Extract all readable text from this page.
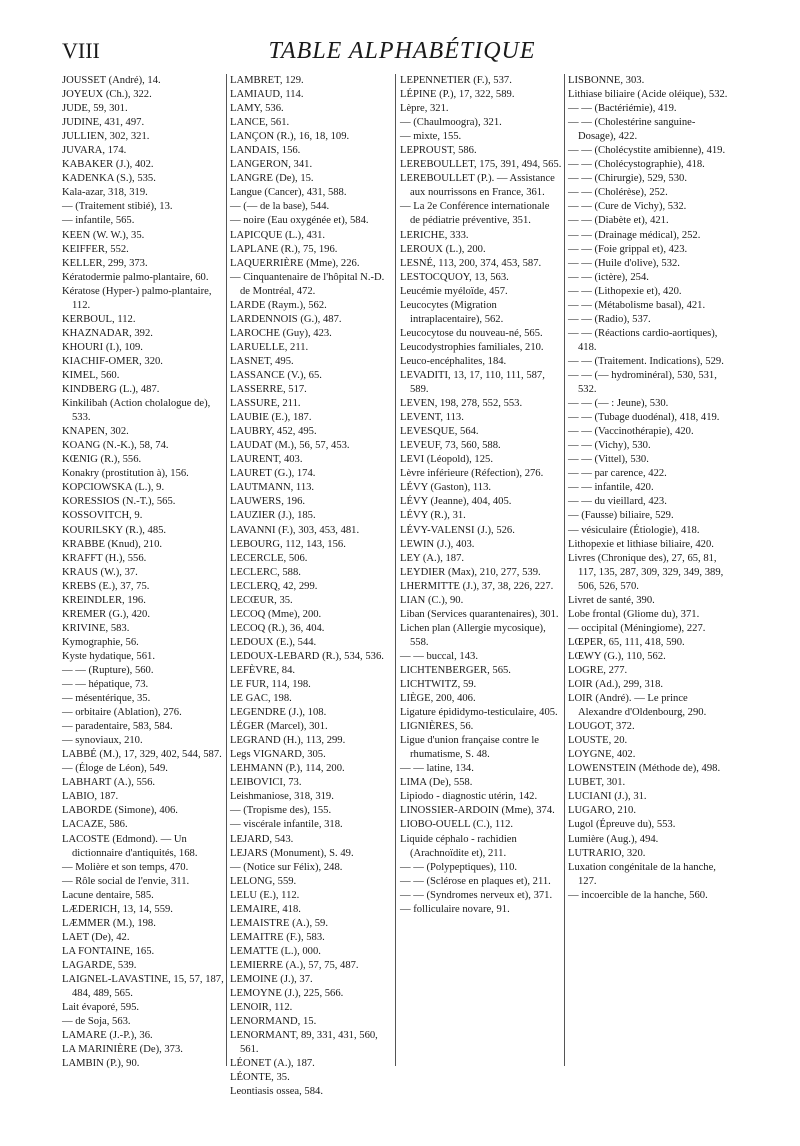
TABLE ALPHABÉTIQUE
VIII
JOUSSET (André), 14.
JOYEUX (Ch.), 322.
JUDE, 59, 301.
JUDINE, 431, 497.
JULLIEN, 302, 321.
JUVARA, 174.
KABAKER (J.), 402.
KADENKA (S.), 535.
Kala-azar, 318, 319.
— (Traitement stibié), 13.
— infantile, 565.
KEEN (W. W.), 35.
KEIFFER, 552.
KELLER, 299, 373.
Kératodermie palmo-plantaire, 60.
Kératose (Hyper-) palmo-plantaire, 112.
KERBOUL, 112.
KHAZNADAR, 392.
KHOURI (I.), 109.
KIACHIF-OMER, 320.
KIMEL, 560.
KINDBERG (L.), 487.
Kinkilibah (Action cholalogue de), 533.
KNAPEN, 302.
KOANG (N.-K.), 58, 74.
KŒNIG (R.), 556.
Konakry (prostitution à), 156.
KOPCIOWSKA (L.), 9.
KORESSIOS (N.-T.), 565.
KOSSOVITCH, 9.
KOURILSKY (R.), 485.
KRABBE (Knud), 210.
KRAFFT (H.), 556.
KRAUS (W.), 37.
KREBS (E.), 37, 75.
KREINDLER, 196.
KREMER (G.), 420.
KRIVINE, 583.
Kymographie, 56.
Kyste hydatique, 561.
— — (Rupture), 560.
— — hépatique, 73.
— mésentérique, 35.
— orbitaire (Ablation), 276.
— paradentaire, 583, 584.
— synoviaux, 210.
LABBÉ (M.), 17, 329, 402, 544, 587.
— (Éloge de Léon), 549.
LABHART (A.), 556.
LABIO, 187.
LABORDE (Simone), 406.
LACAZE, 586.
LACOSTE (Edmond). — Un dictionnaire d'antiquités, 168.
— Molière et son temps, 470.
— Rôle social de l'envie, 311.
Lacune dentaire, 585.
LÆDERICH, 13, 14, 559.
LÆMMER (M.), 198.
LAET (De), 42.
LA FONTAINE, 165.
LAGARDE, 539.
LAIGNEL-LAVASTINE, 15, 57, 187, 484, 489, 565.
Lait évaporé, 595.
— de Soja, 563.
LAMARE (J.-P.), 36.
LA MARINIÈRE (De), 373.
LAMBIN (P.), 90.
LAMBRET, 129.
LAMIAUD, 114.
LAMY, 536.
LANCE, 561.
LANÇON (R.), 16, 18, 109.
LANDAIS, 156.
LANGERON, 341.
LANGRE (De), 15.
Langue (Cancer), 431, 588.
— (— de la base), 544.
— noire (Eau oxygénée et), 584.
LAPICQUE (L.), 431.
LAPLANE (R.), 75, 196.
LAQUERRIÈRE (Mme), 226.
— Cinquantenaire de l'hôpital N.-D. de Montréal, 472.
LARDE (Raym.), 562.
LARDENNOIS (G.), 487.
LAROCHE (Guy), 423.
LARUELLE, 211.
LASNET, 495.
LASSANCE (V.), 65.
LASSERRE, 517.
LASSURE, 211.
LAUBIE (E.), 187.
LAUBRY, 452, 495.
LAUDAT (M.), 56, 57, 453.
LAURENT, 403.
LAURET (G.), 174.
LAUTMANN, 113.
LAUWERS, 196.
LAUZIER (J.), 185.
LAVANNI (F.), 303, 453, 481.
LEBOURG, 112, 143, 156.
LECERCLE, 506.
LECLERC, 588.
LECLERQ, 42, 299.
LECŒUR, 35.
LECOQ (Mme), 200.
LECOQ (R.), 36, 404.
LEDOUX (E.), 544.
LEDOUX-LEBARD (R.), 534, 536.
LEFÈVRE, 84.
LE FUR, 114, 198.
LE GAC, 198.
LEGENDRE (J.), 108.
LÉGER (Marcel), 301.
LEGRAND (H.), 113, 299.
Legs VIGNARD, 305.
LEHMANN (P.), 114, 200.
LEIBOVICI, 73.
Leishmaniose, 318, 319.
— (Tropisme des), 155.
— viscérale infantile, 318.
LEJARD, 543.
LEJARS (Monument), S. 49.
— (Notice sur Félix), 248.
LELONG, 559.
LELU (E.), 112.
LEMAIRE, 418.
LEMAISTRE (A.), 59.
LEMAITRE (F.), 583.
LEMATTE (L.), 000.
LEMIERRE (A.), 57, 75, 487.
LEMOINE (J.), 37.
LEMOYNE (J.), 225, 566.
LENOIR, 112.
LENORMAND, 15.
LENORMANT, 89, 331, 431, 560, 561.
LÉONET (A.), 187.
LÉONTE, 35.
Leontiasis ossea, 584.
LEPENNETIER (F.), 537.
LÉPINE (P.), 17, 322, 589.
Lèpre, 321.
— (Chaulmoogra), 321.
— mixte, 155.
LEPROUST, 586.
LEREBOULLET, 175, 391, 494, 565.
LEREBOULLET (P.). — Assistance aux nourrissons en France, 361.
— La 2e Conférence internationale de pédiatrie préventive, 351.
LERICHE, 333.
LEROUX (L.), 200.
LESNÉ, 113, 200, 374, 453, 587.
LESTOCQUOY, 13, 563.
Leucémie myéloïde, 457.
Leucocytes (Migration intraplacentaire), 562.
Leucocytose du nouveau-né, 565.
Leucodystrophies familiales, 210.
Leuco-encéphalites, 184.
LEVADITI, 13, 17, 110, 111, 587, 589.
LEVEN, 198, 278, 552, 553.
LEVENT, 113.
LEVESQUE, 564.
LEVEUF, 73, 560, 588.
LEVI (Léopold), 125.
Lèvre inférieure (Réfection), 276.
LÉVY (Gaston), 113.
LÉVY (Jeanne), 404, 405.
LÉVY (R.), 31.
LÉVY-VALENSI (J.), 526.
LEWIN (J.), 403.
LEY (A.), 187.
LEYDIER (Max), 210, 277, 539.
LHERMITTE (J.), 37, 38, 226, 227.
LIAN (C.), 90.
Liban (Services quarantenaires), 301.
Lichen plan (Allergie mycosique), 558.
— — buccal, 143.
LICHTENBERGER, 565.
LICHTWITZ, 59.
LIÈGE, 200, 406.
Ligature épididymo-testiculaire, 405.
LIGNIÈRES, 56.
Ligue d'union française contre le rhumatisme, S. 48.
— — latine, 134.
LIMA (De), 558.
Lipiodo - diagnostic utérin, 142.
LINOSSIER-ARDOIN (Mme), 374.
LIOBO-OUELL (C.), 112.
Liquide céphalo - rachidien (Arachnoïdite et), 211.
— — (Polypeptiques), 110.
— — (Sclérose en plaques et), 211.
— — (Syndromes nerveux et), 371.
— folliculaire novare, 91.
LISBONNE, 303.
Lithiase biliaire (Acide oléique), 532.
— — (Bactériémie), 419.
— — (Cholestérine sanguine-Dosage), 422.
— — (Cholécystite amibienne), 419.
— — (Cholécystographie), 418.
— — (Chirurgie), 529, 530.
— — (Cholérèse), 252.
— — (Cure de Vichy), 532.
— — (Diabète et), 421.
— — (Drainage médical), 252.
— — (Foie grippal et), 423.
— — (Huile d'olive), 532.
— — (ictère), 254.
— — (Lithopexie et), 420.
— — (Métabolisme basal), 421.
— — (Radio), 537.
— — (Réactions cardio-aortiques), 418.
— — (Traitement. Indications), 529.
— — (— hydrominéral), 530, 531, 532.
— — (— : Jeune), 530.
— — (Tubage duodénal), 418, 419.
— — (Vaccinothérapie), 420.
— — (Vichy), 530.
— — (Vittel), 530.
— — par carence, 422.
— — infantile, 420.
— — du vieillard, 423.
— (Fausse) biliaire, 529.
— vésiculaire (Étiologie), 418.
Lithopexie et lithiase biliaire, 420.
Livres (Chronique des), 27, 65, 81, 117, 135, 287, 309, 329, 349, 389, 506, 526, 570.
Livret de santé, 390.
Lobe frontal (Gliome du), 371.
— occipital (Méningiome), 227.
LŒPER, 65, 111, 418, 590.
LŒWY (G.), 110, 562.
LOGRE, 277.
LOIR (Ad.), 299, 318.
LOIR (André). — Le prince Alexandre d'Oldenbourg, 290.
LOUGOT, 372.
LOUSTE, 20.
LOYGNE, 402.
LOWENSTEIN (Méthode de), 498.
LUBET, 301.
LUCIANI (J.), 31.
LUGARO, 210.
Lugol (Épreuve du), 553.
Lumière (Aug.), 494.
LUTRARIO, 320.
Luxation congénitale de la hanche, 127.
— incoercible de la hanche, 560.
